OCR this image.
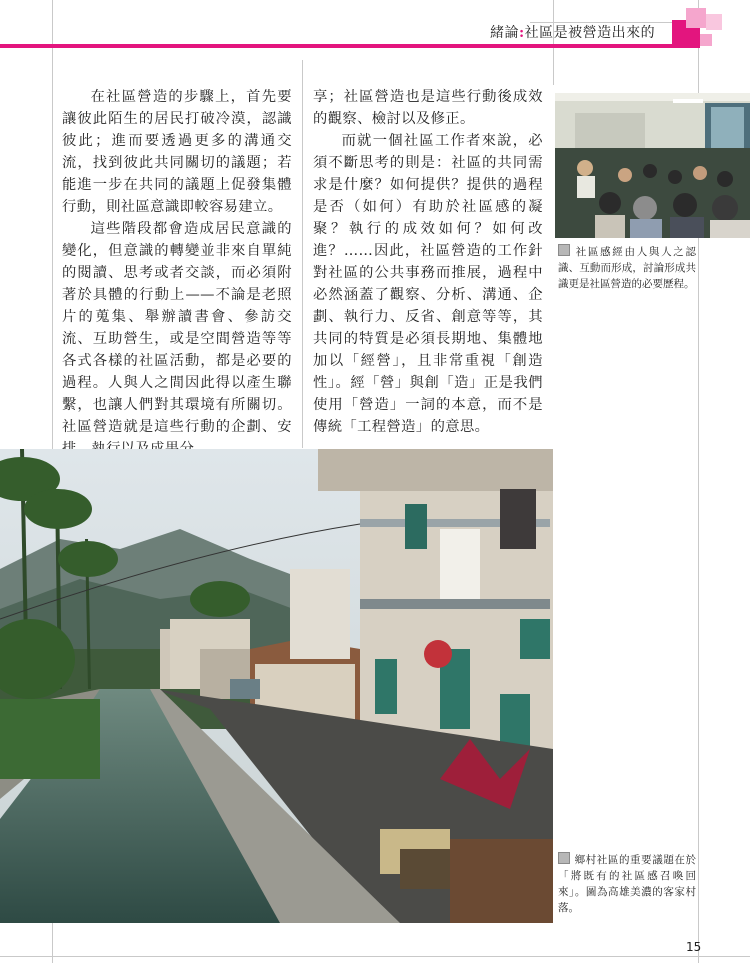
緒論:社區是被營造出來的

在社區營造的步驟上，首先要讓彼此陌生的居民打破冷漠，認識彼此；進而要透過更多的溝通交流，找到彼此共同關切的議題；若能進一步在共同的議題上促發集體行動，則社區意識即較容易建立。

這些階段都會造成居民意識的變化，但意識的轉變並非來自單純的閱讀、思考或者交談，而必須附著於具體的行動上——不論是老照片的蒐集、舉辦讀書會、參訪交流、互助營生，或是空間營造等等各式各樣的社區活動，都是必要的過程。人與人之間因此得以產生聯繫，也讓人們對其環境有所關切。社區營造就是這些行動的企劃、安

享；社區營造也是這些行動後成效的觀察、檢討以及修正。

而就一個社區工作者來說，必須不斷思考的則是：社區的共同需求是什麼？如何提供？提供的過程是否（如何）有助於社區感的凝聚？執行的成效如何？如何改進？……因此，社區營造的工作針對社區的公共事務而推展，過程中必然涵蓋了觀察、分析、溝通、企劃、執行力、反省、創意等等，其共同的特質是必須長期地、集體地加以「經營」，且非常重視「創造性」。經「營」與創「造」正是我們使用「營造」一詞的本意，而不是傳統「工程營造」的意思。

社區感經由人與人之認識、互動而形成，討論形成共識更是社區營造的必要歷程。
鄉村社區的重要議題在於「將既有的社區感召喚回來」。圖為高雄美濃的客家村落。
15
